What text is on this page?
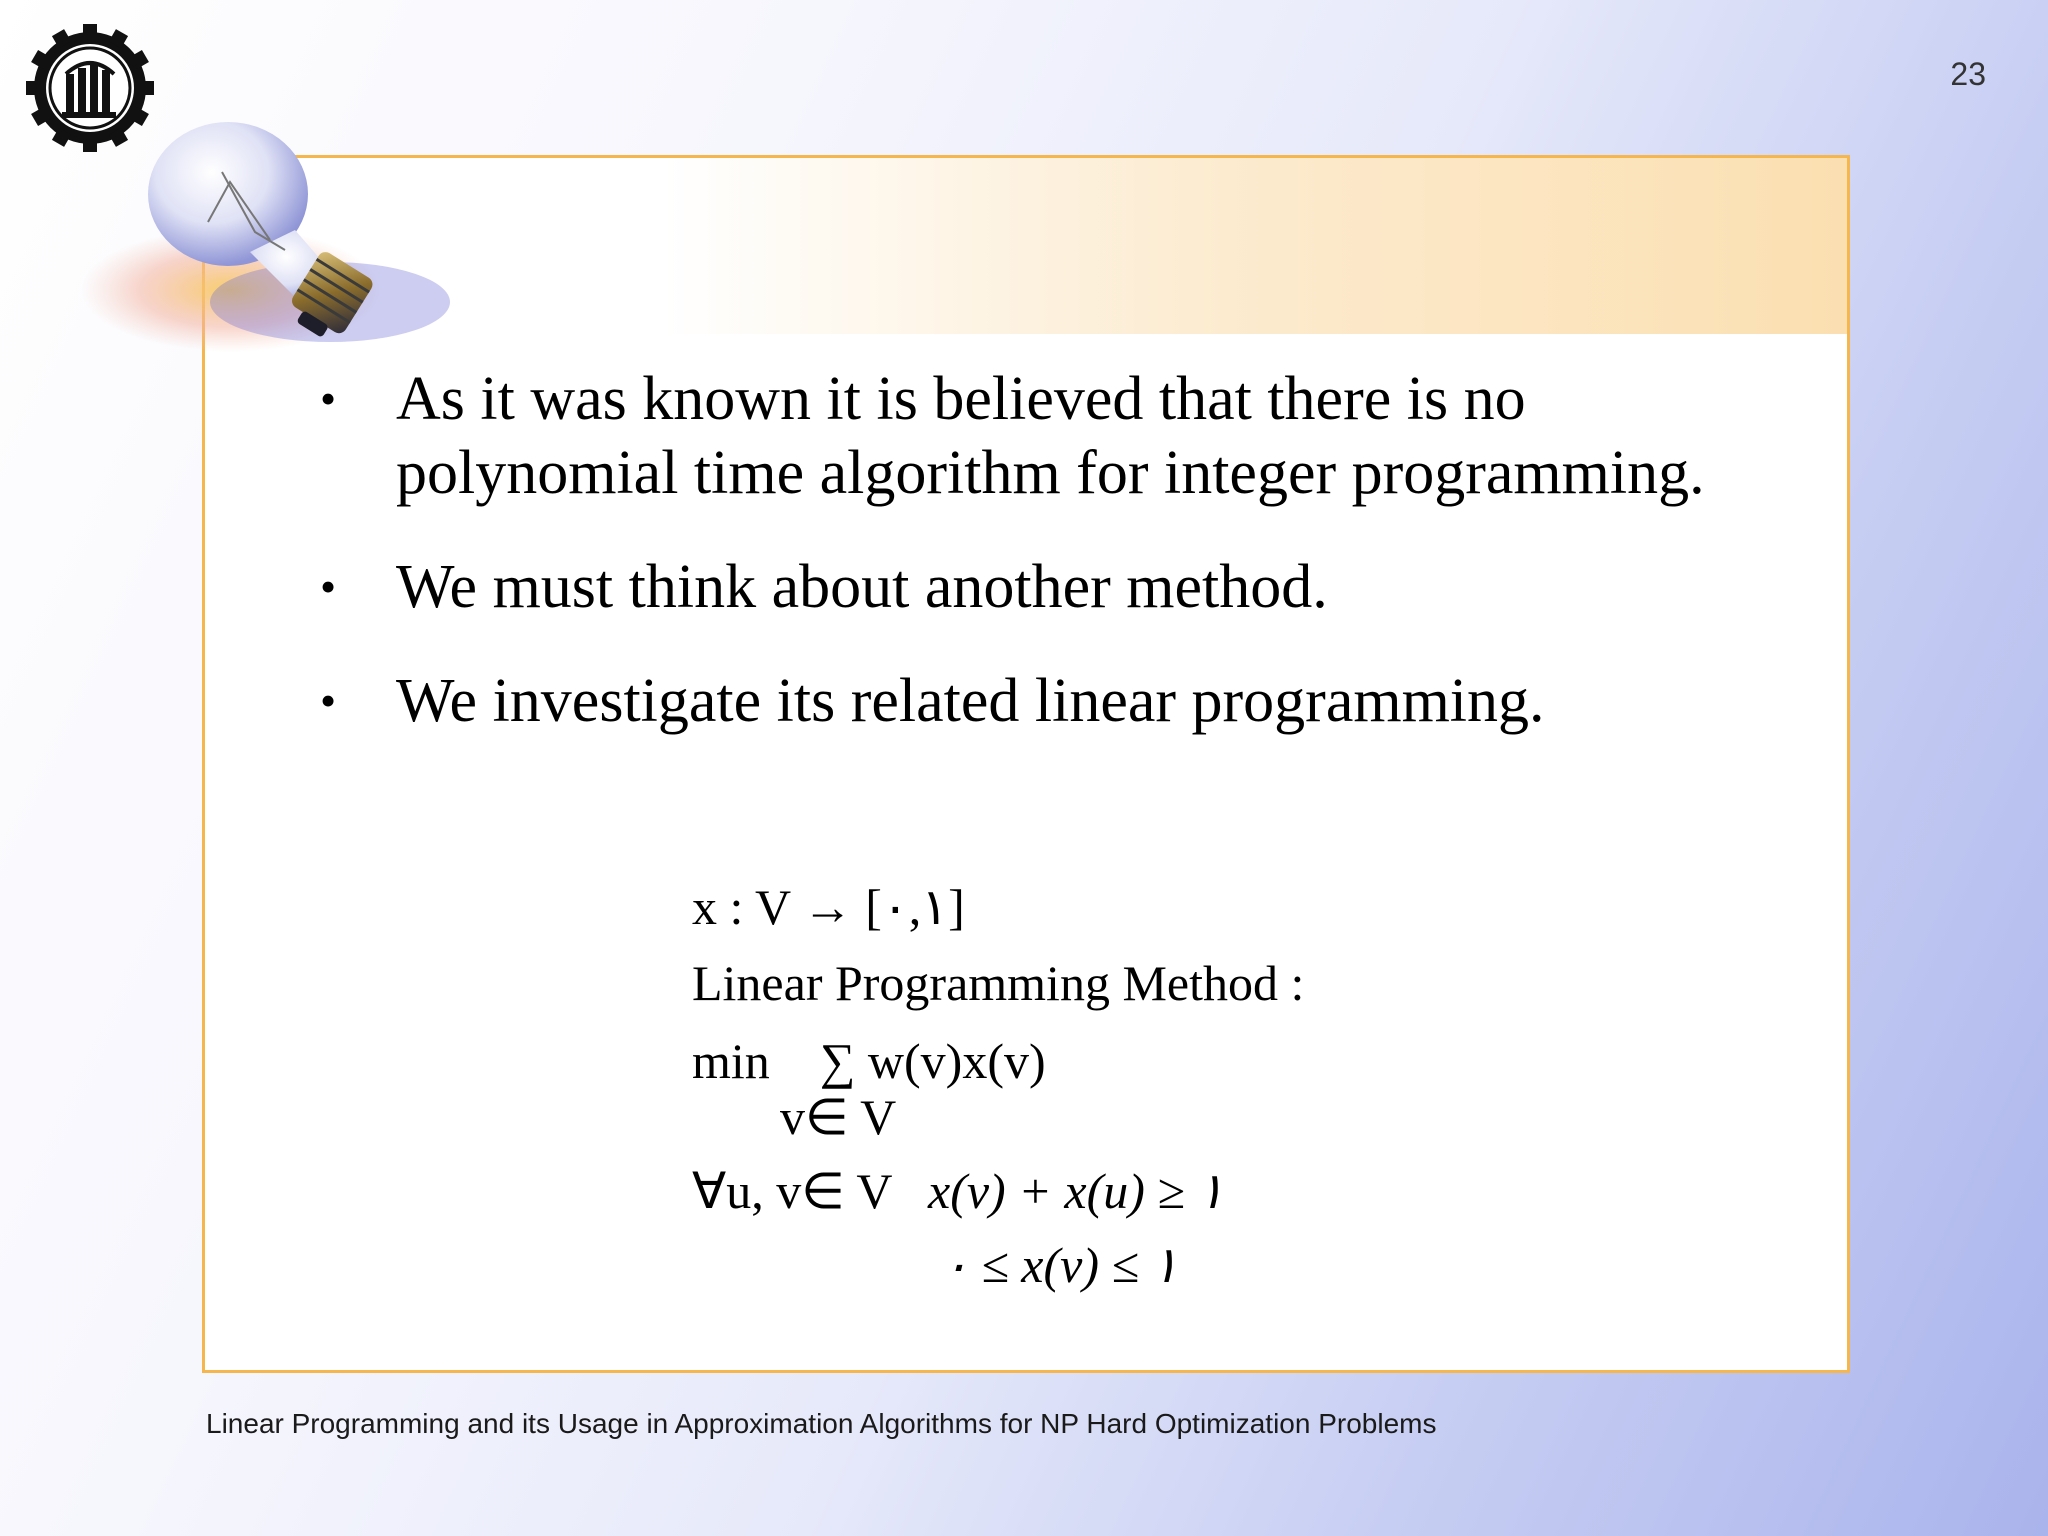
23
• As it was known it is believed that there is no polynomial time algorithm for integer programming.
• We must think about another method.
• We investigate its related linear programming.
x : V → [٠,١]
Linear Programming Method :
min    ∑ w(v)x(v)
v∈ V
∀u, v∈ V x(v) + x(u) ≥ ١
٠ ≤ x(v) ≤ ١
Linear Programming and its Usage in Approximation Algorithms for NP Hard Optimization Problems
